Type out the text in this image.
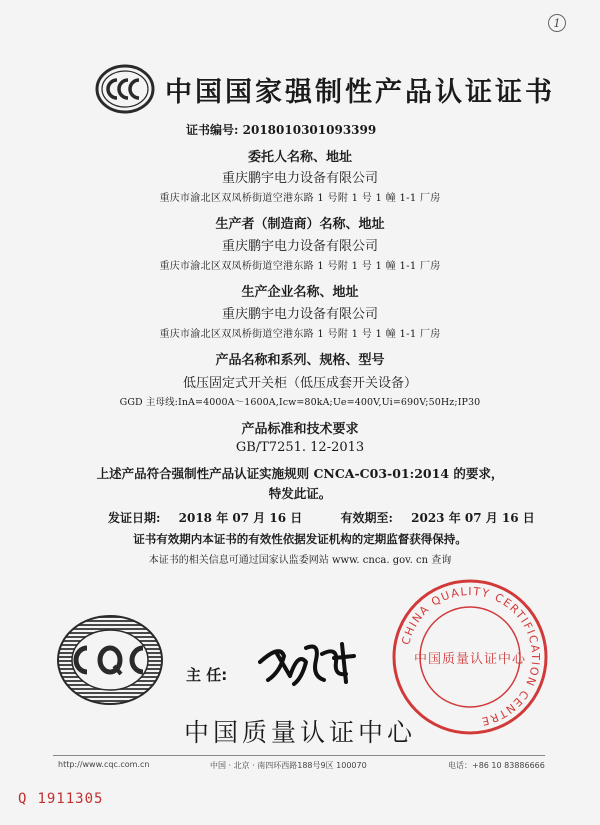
1
中国国家强制性产品认证证书
证书编号: 2018010301093399
委托人名称、地址
重庆鹏宇电力设备有限公司
重庆市渝北区双凤桥街道空港东路 1 号附 1 号 1 幢 1-1 厂房
生产者（制造商）名称、地址
重庆鹏宇电力设备有限公司
重庆市渝北区双凤桥街道空港东路 1 号附 1 号 1 幢 1-1 厂房
生产企业名称、地址
重庆鹏宇电力设备有限公司
重庆市渝北区双凤桥街道空港东路 1 号附 1 号 1 幢 1-1 厂房
产品名称和系列、规格、型号
低压固定式开关柜（低压成套开关设备）
GGD 主母线:InA=4000A～1600A,Icw=80kA;Ue=400V,Ui=690V;50Hz;IP30
产品标准和技术要求
GB/T7251. 12-2013
上述产品符合强制性产品认证实施规则 CNCA-C03-01:2014 的要求，
特发此证。
发证日期: 2018 年 07 月 16 日	有效期至: 2023 年 07 月 16 日
证书有效期内本证书的有效性依据发证机构的定期监督获得保持。
本证书的相关信息可通过国家认监委网站 www. cnca. gov. cn 查询
主 任:
CHINA QUALITY CERTIFICATION CENTRE
中国质量认证中心
中国质量认证中心
http://www.cqc.com.cn	中国 · 北京 · 南四环西路188号9区 100070	电话：+86 10 83886666
Q 1911305
